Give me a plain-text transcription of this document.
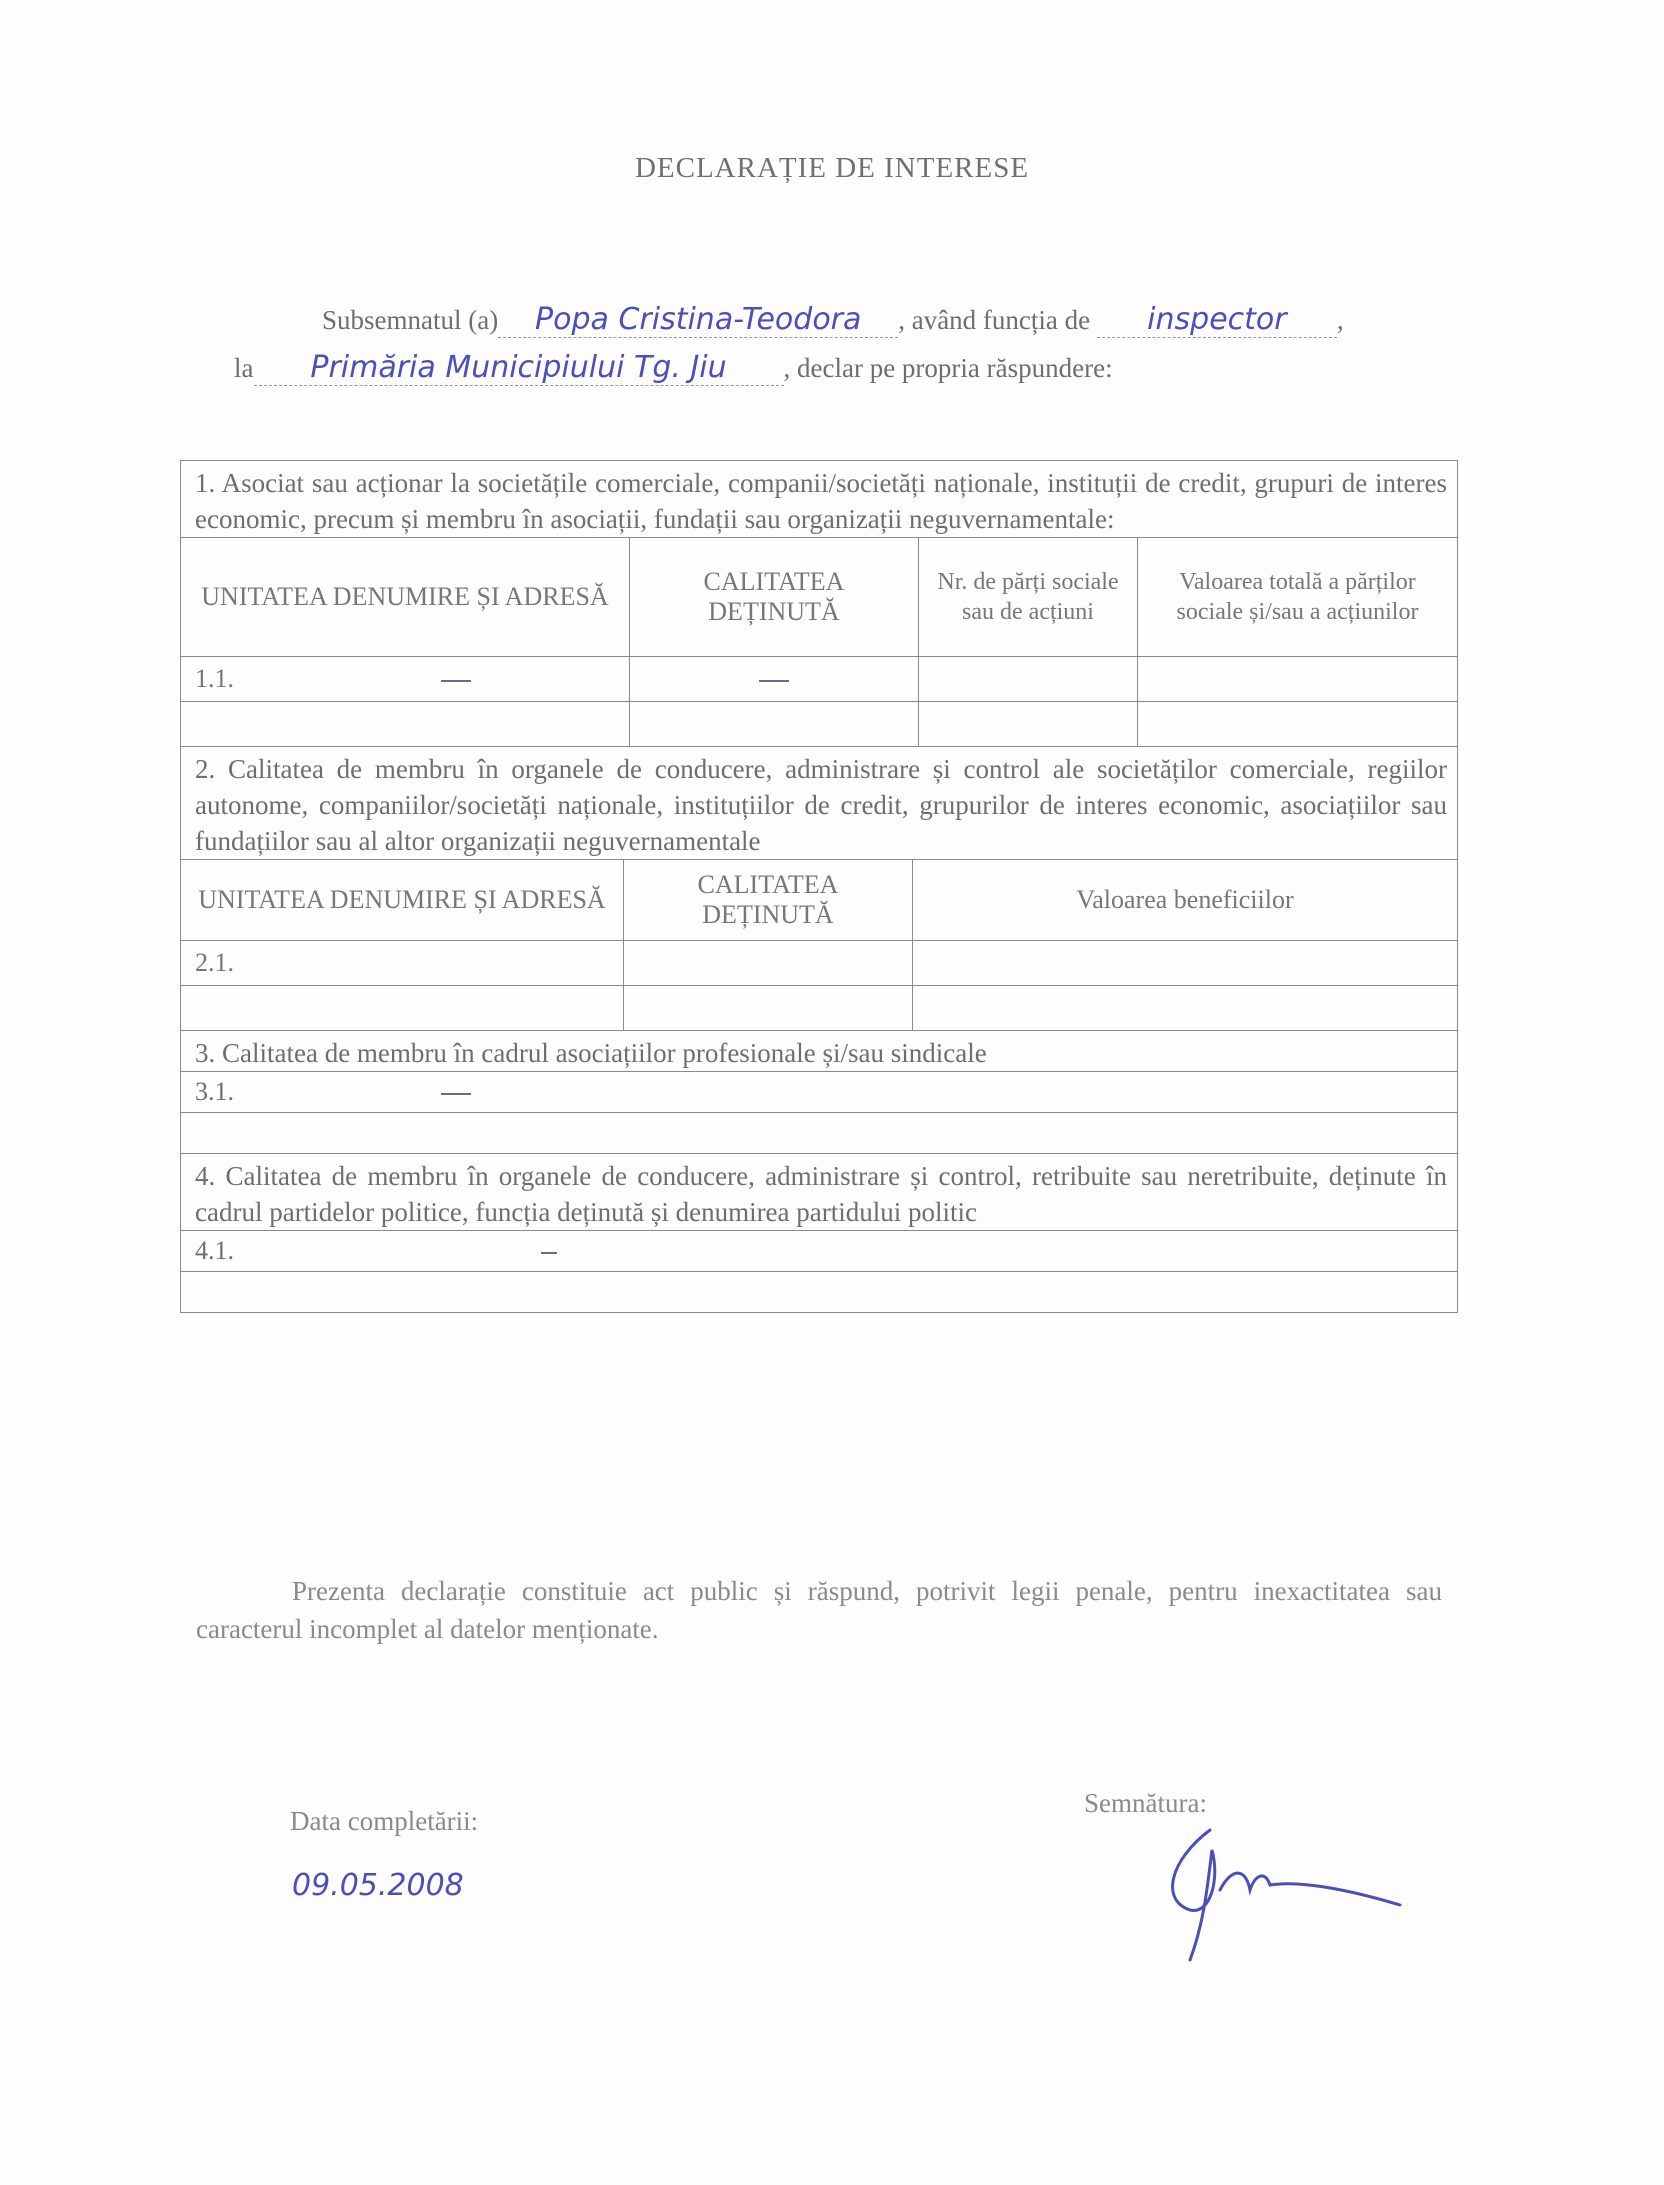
DECLARAȚIE DE INTERESE
Subsemnatul (a) Popa Cristina-Teodora , având funcția de inspector ,
la Primăria Municipiului Tg. Jiu , declar pe propria răspundere:
1. Asociat sau acționar la societățile comerciale, companii/societăți naționale, instituții de credit, grupuri de interes economic, precum și membru în asociații, fundații sau organizații neguvernamentale:
UNITATEA DENUMIRE ȘI ADRESĂ	CALITATEA DEȚINUTĂ	Nr. de părți sociale sau de acțiuni	Valoarea totală a părților sociale și/sau a acțiunilor
1.1.			

2. Calitatea de membru în organele de conducere, administrare și control ale societăților comerciale, regiilor autonome, companiilor/societăți naționale, instituțiilor de credit, grupurilor de interes economic, asociațiilor sau fundațiilor sau al altor organizații neguvernamentale
UNITATEA DENUMIRE ȘI ADRESĂ	CALITATEA DEȚINUTĂ	Valoarea beneficiilor
2.1.		

3. Calitatea de membru în cadrul asociațiilor profesionale și/sau sindicale
3.1.
4. Calitatea de membru în organele de conducere, administrare și control, retribuite sau neretribuite, deținute în cadrul partidelor politice, funcția deținută și denumirea partidului politic
4.1.
Prezenta declarație constituie act public și răspund, potrivit legii penale, pentru inexactitatea sau caracterul incomplet al datelor menționate.
Data completării:
09.05.2008
Semnătura:
